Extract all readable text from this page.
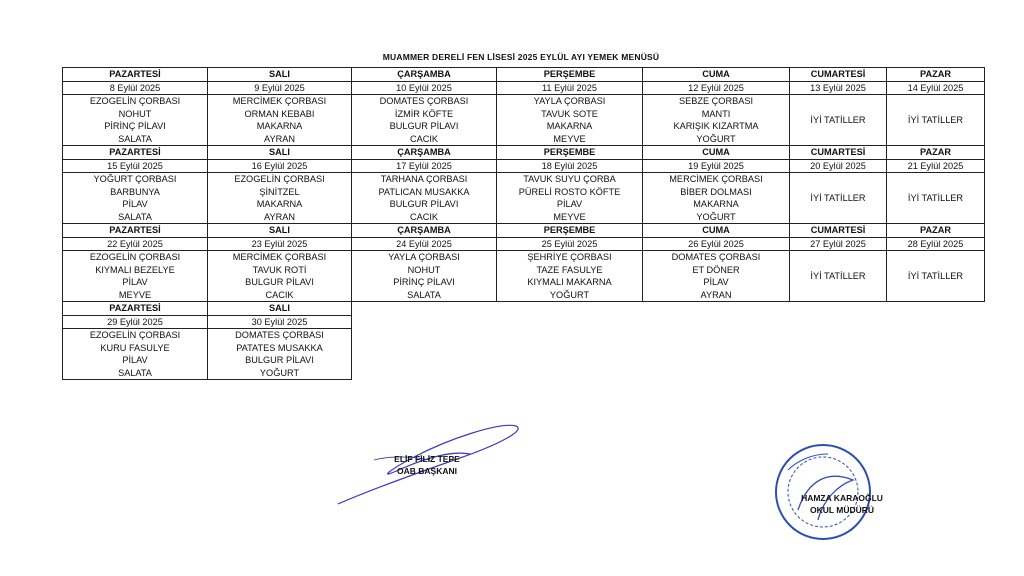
MUAMMER DERELİ FEN LİSESİ 2025 EYLÜL AYI YEMEK MENÜSÜ
PAZARTESİ	SALI	ÇARŞAMBA	PERŞEMBE	CUMA	CUMARTESİ	PAZAR
8 Eylül 2025	9 Eylül 2025	10 Eylül 2025	11 Eylül 2025	12 Eylül 2025	13 Eylül 2025	14 Eylül 2025
EZOGELİN ÇORBASI	MERCİMEK ÇORBASI	DOMATES ÇORBASI	YAYLA ÇORBASI	SEBZE ÇORBASI	İYİ TATİLLER	İYİ TATİLLER
NOHUT	ORMAN KEBABI	İZMİR KÖFTE	TAVUK SOTE	MANTI		
PİRİNÇ PİLAVI	MAKARNA	BULGUR PİLAVI	MAKARNA	KARIŞIK KIZARTMA		
SALATA	AYRAN	CACIK	MEYVE	YOĞURT		
PAZARTESİ	SALI	ÇARŞAMBA	PERŞEMBE	CUMA	CUMARTESİ	PAZAR
15 Eylül 2025	16 Eylül 2025	17 Eylül 2025	18 Eylül 2025	19 Eylül 2025	20 Eylül 2025	21 Eylül 2025
YOĞURT ÇORBASI	EZOGELİN ÇORBASI	TARHANA ÇORBASI	TAVUK SUYU ÇORBA	MERCİMEK ÇORBASI	İYİ TATİLLER	İYİ TATİLLER
BARBUNYA	ŞİNİTZEL	PATLICAN MUSAKKA	PÜRELİ ROSTO KÖFTE	BİBER DOLMASI		
PİLAV	MAKARNA	BULGUR PİLAVI	PİLAV	MAKARNA		
SALATA	AYRAN	CACIK	MEYVE	YOĞURT		
PAZARTESİ	SALI	ÇARŞAMBA	PERŞEMBE	CUMA	CUMARTESİ	PAZAR
22 Eylül 2025	23 Eylül 2025	24 Eylül 2025	25 Eylül 2025	26 Eylül 2025	27 Eylül 2025	28 Eylül 2025
EZOGELİN ÇORBASI	MERCİMEK ÇORBASI	YAYLA ÇORBASI	ŞEHRİYE ÇORBASI	DOMATES ÇORBASI	İYİ TATİLLER	İYİ TATİLLER
KIYMALI BEZELYE	TAVUK ROTİ	NOHUT	TAZE FASULYE	ET DÖNER		
PİLAV	BULGUR PİLAVI	PİRİNÇ PİLAVI	KIYMALI MAKARNA	PİLAV		
MEYVE	CACIK	SALATA	YOĞURT	AYRAN		
PAZARTESİ	SALI					
29 Eylül 2025	30 Eylül 2025					
EZOGELİN ÇORBASI	DOMATES ÇORBASI					
KURU FASULYE	PATATES MUSAKKA					
PİLAV	BULGUR PİLAVI					
SALATA	YOĞURT					
ELİF FİLİZ TEPE
OAB BAŞKANI
HAMZA KARAOĞLU
OKUL MÜDÜRÜ
